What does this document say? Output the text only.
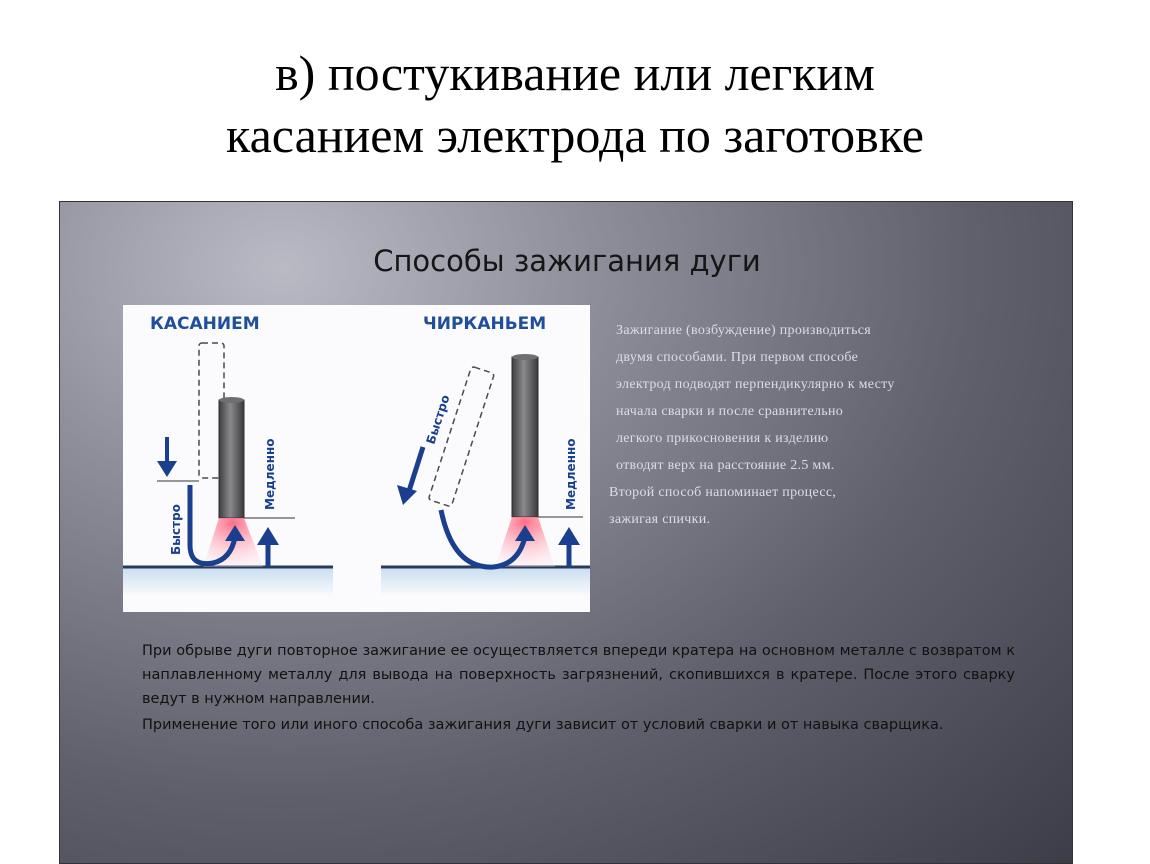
в) постукивание или легким
касанием электрода по заготовке
Способы зажигания дуги
КАСАНИЕМ	ЧИРКАНЬЕМ
Быстро
Медленно
Быстро
Медленно
Зажигание (возбуждение) производиться
двумя способами. При первом способе
электрод подводят перпендикулярно к месту
начала сварки и после сравнительно
легкого прикосновения к изделию
отводят верх на расстояние 2.5 мм.
Второй способ напоминает процесс,
зажигая спички.

При обрыве дуги повторное зажигание ее осуществляется впереди кратера на основном металле с возвратом к наплавленному металлу для вывода на поверхность загрязнений, скопившихся в кратере. После этого сварку ведут в нужном направлении.

Применение того или иного способа зажигания дуги зависит от условий сварки и от навыка сварщика.
